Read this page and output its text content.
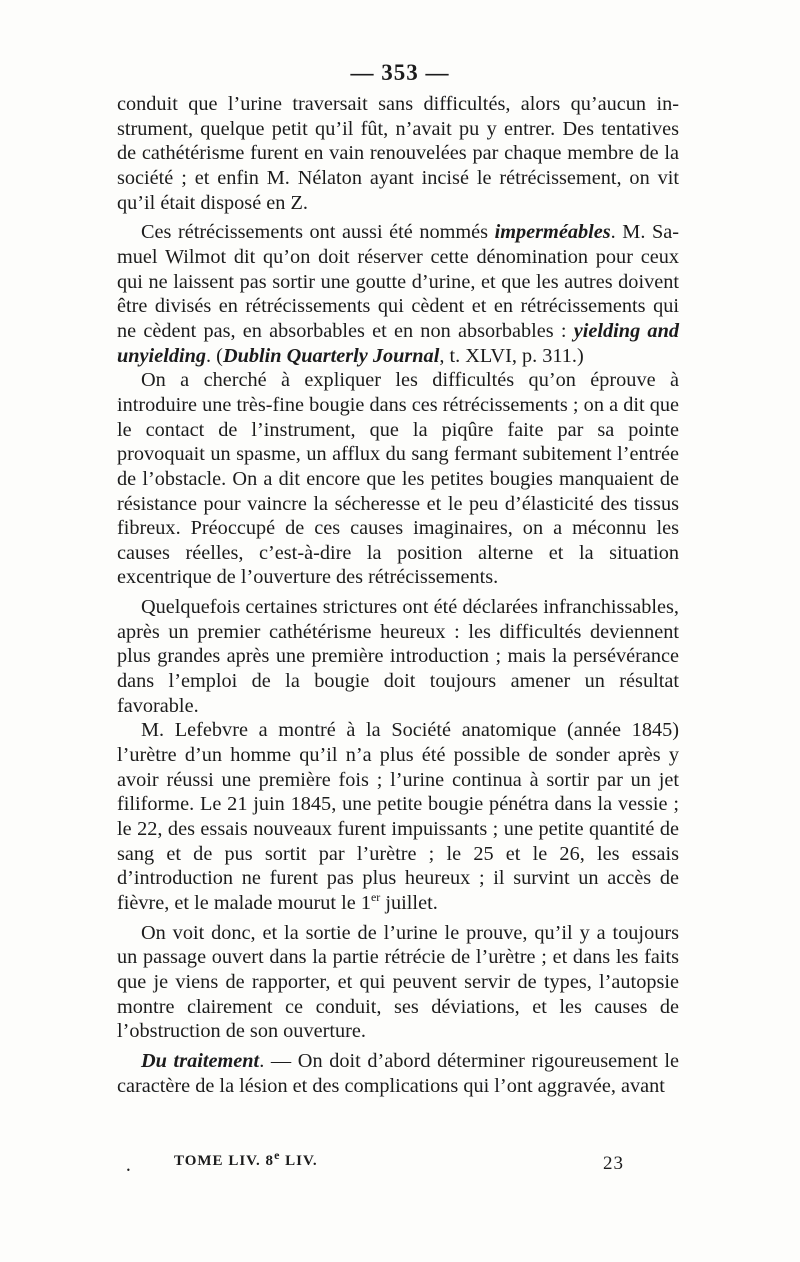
— 353 —

conduit que l’urine traversait sans difficultés, alors qu’aucun instrument, quelque petit qu’il fût, n’avait pu y entrer. Des tentatives de cathétérisme furent en vain renouvelées par chaque membre de la société ; et enfin M. Nélaton ayant incisé le rétrécissement, on vit qu’il était disposé en Z.

Ces rétrécissements ont aussi été nommés imperméables. M. Samuel Wilmot dit qu’on doit réserver cette dénomination pour ceux qui ne laissent pas sortir une goutte d’urine, et que les autres doivent être divisés en rétrécissements qui cèdent et en rétrécissements qui ne cèdent pas, en absorbables et en non absorbables : yielding and unyielding. (Dublin Quarterly Journal, t. XLVI, p. 311.)

On a cherché à expliquer les difficultés qu’on éprouve à introduire une très-fine bougie dans ces rétrécissements ; on a dit que le contact de l’instrument, que la piqûre faite par sa pointe provoquait un spasme, un afflux du sang fermant subitement l’entrée de l’obstacle. On a dit encore que les petites bougies manquaient de résistance pour vaincre la sécheresse et le peu d’élasticité des tissus fibreux. Préoccupé de ces causes imaginaires, on a méconnu les causes réelles, c’est-à-dire la position alterne et la situation excentrique de l’ouverture des rétrécissements.

Quelquefois certaines strictures ont été déclarées infranchissables, après un premier cathétérisme heureux : les difficultés deviennent plus grandes après une première introduction ; mais la persévérance dans l’emploi de la bougie doit toujours amener un résultat favorable.

M. Lefebvre a montré à la Société anatomique (année 1845) l’urètre d’un homme qu’il n’a plus été possible de sonder après y avoir réussi une première fois ; l’urine continua à sortir par un jet filiforme. Le 21 juin 1845, une petite bougie pénétra dans la vessie ; le 22, des essais nouveaux furent impuissants ; une petite quantité de sang et de pus sortit par l’urètre ; le 25 et le 26, les essais d’introduction ne furent pas plus heureux ; il survint un accès de fièvre, et le malade mourut le 1er juillet.

On voit donc, et la sortie de l’urine le prouve, qu’il y a toujours un passage ouvert dans la partie rétrécie de l’urètre ; et dans les faits que je viens de rapporter, et qui peuvent servir de types, l’autopsie montre clairement ce conduit, ses déviations, et les causes de l’obstruction de son ouverture.

Du traitement. — On doit d’abord déterminer rigoureusement le caractère de la lésion et des complications qui l’ont aggravée, avant

•
TOME LIV. 8e LIV.	23
